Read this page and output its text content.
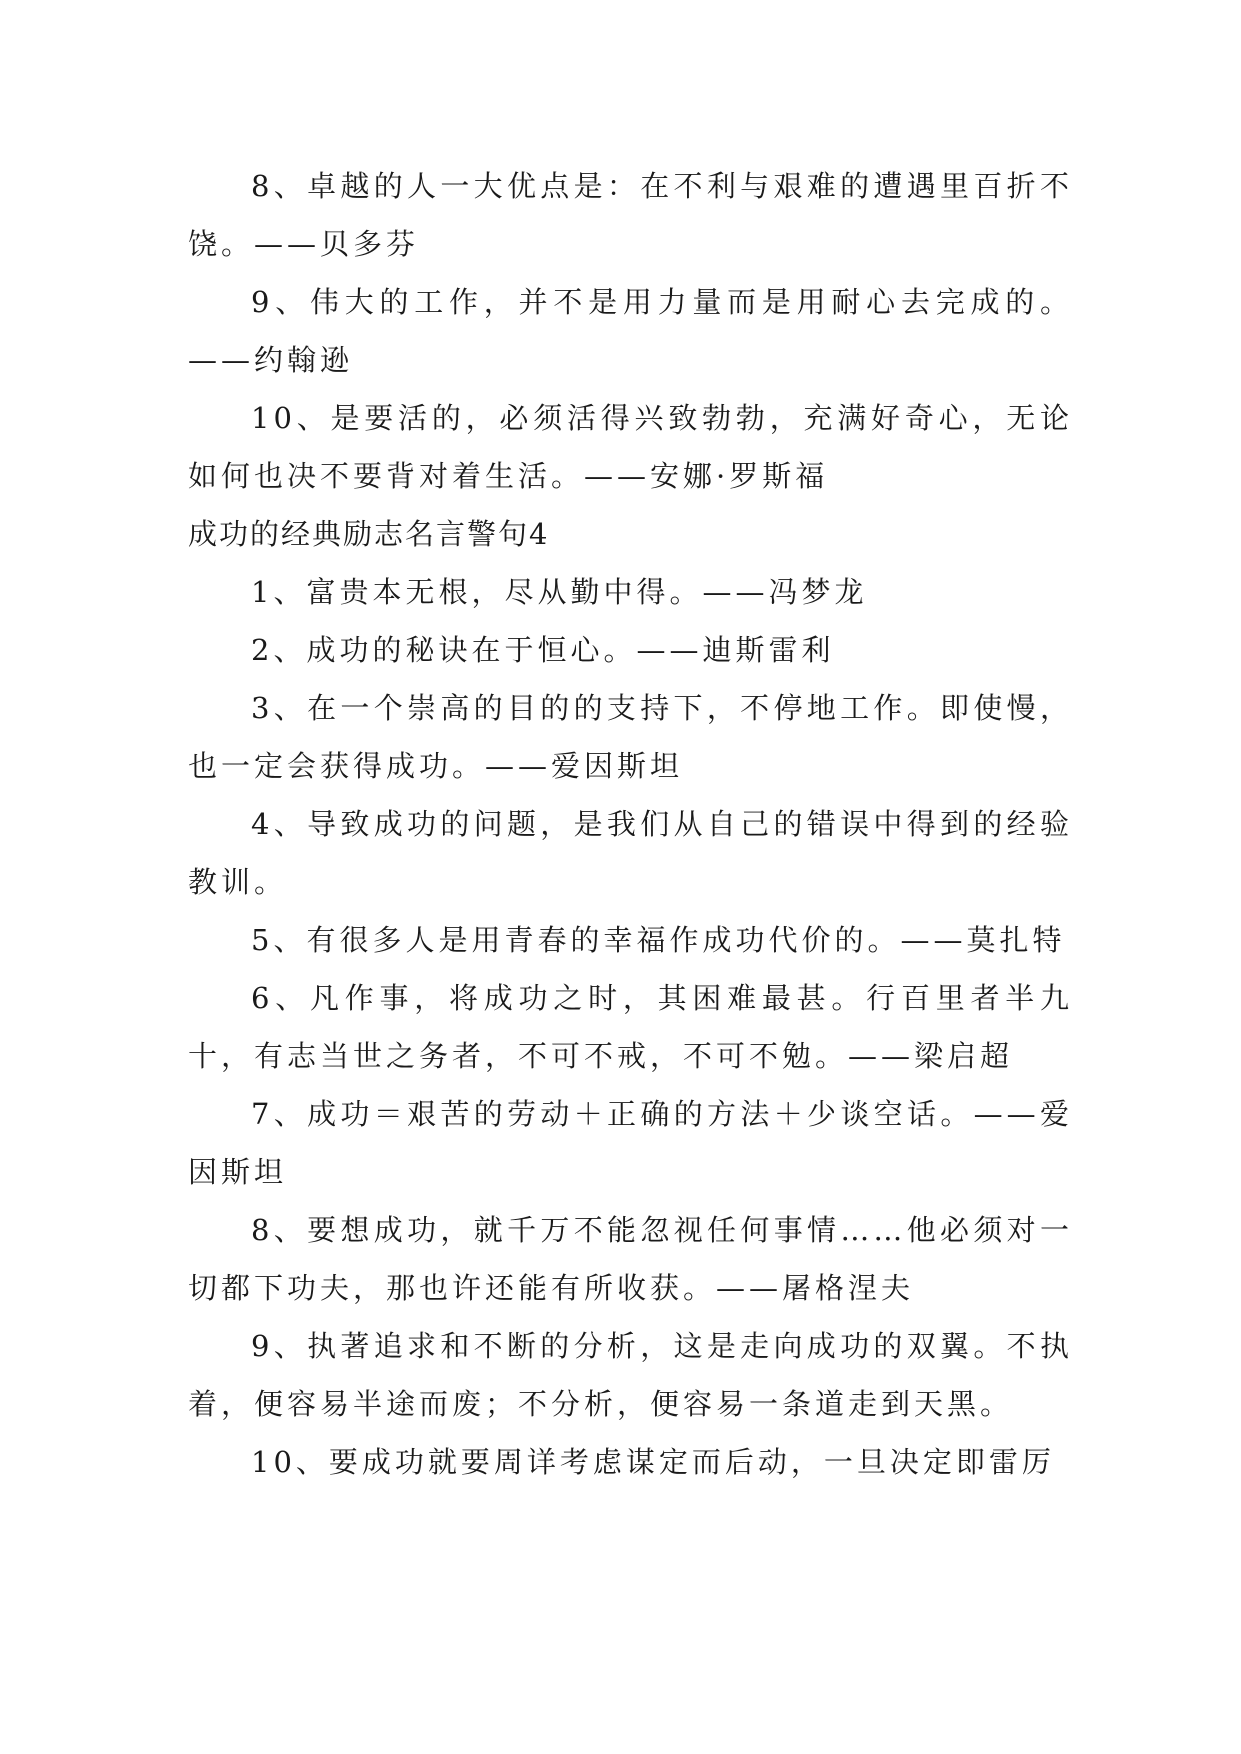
8、卓越的人一大优点是：在不利与艰难的遭遇里百折不饶。——贝多芬

9、伟大的工作，并不是用力量而是用耐心去完成的。——约翰逊

10、是要活的，必须活得兴致勃勃，充满好奇心，无论如何也决不要背对着生活。——安娜·罗斯福

成功的经典励志名言警句4

1、富贵本无根，尽从勤中得。——冯梦龙

2、成功的秘诀在于恒心。——迪斯雷利

3、在一个崇高的目的的支持下，不停地工作。即使慢，也一定会获得成功。——爱因斯坦

4、导致成功的问题，是我们从自己的错误中得到的经验教训。

5、有很多人是用青春的幸福作成功代价的。——莫扎特

6、凡作事，将成功之时，其困难最甚。行百里者半九十，有志当世之务者，不可不戒，不可不勉。——梁启超

7、成功＝艰苦的劳动＋正确的方法＋少谈空话。——爱因斯坦

8、要想成功，就千万不能忽视任何事情……他必须对一切都下功夫，那也许还能有所收获。——屠格涅夫

9、执著追求和不断的分析，这是走向成功的双翼。不执着，便容易半途而废；不分析，便容易一条道走到天黑。

10、要成功就要周详考虑谋定而后动，一旦决定即雷厉
